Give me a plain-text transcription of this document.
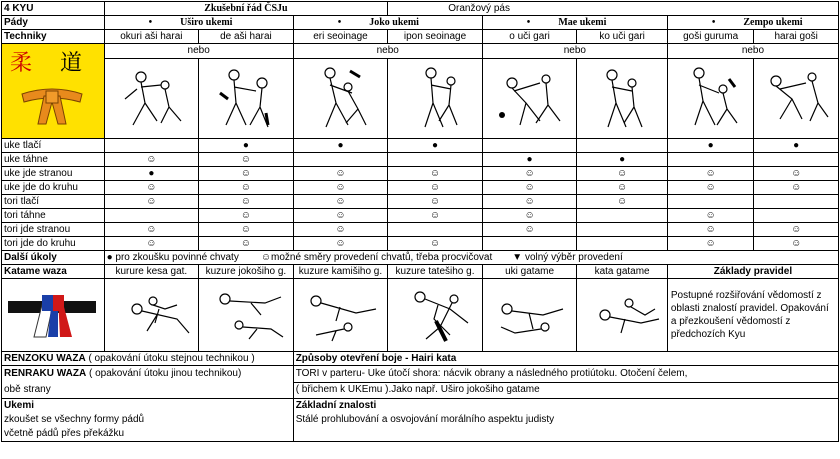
4 KYU	Zkušební řád ČSJu			Oranžový pás				
Pády	• Uširo ukemi		• Joko ukemi		• Mae ukemi		• Zempo ukemi	
Techniky	okuri aši harai	de aši harai	eri seoinage	ipon seoinage	o uči gari	ko uči gari	goši guruma	harai goši

柔 道	nebo		nebo		nebo		nebo	

uke tlačí		●	●	●			●	●
uke táhne	☺	☺			●	●		
uke jde stranou	●	☺	☺	☺	☺	☺	☺	☺
uke jde do kruhu	☺	☺	☺	☺	☺	☺	☺	☺
tori tlačí	☺	☺	☺	☺	☺	☺		
tori táhne		☺	☺	☺	☺		☺	
tori jde stranou	☺	☺	☺		☺		☺	☺
tori jde do kruhu	☺	☺	☺	☺			☺	☺
Další úkoly	● pro zkoušku povinné chvaty ☺možné směry provedení chvatů, třeba procvičovat ▼ volný výběr provedení							
Katame waza	kurure kesa gat.	kuzure jokošiho g.	kuzure kamišiho g.	kuzure tatešiho g.	uki gatame	kata gatame	Základy pravidel	
							Postupné rozšiřování vědomostí z oblasti znalostí pravidel. Opakování a přezkoušení vědomostí z předchozích Kyu	
RENZOKU WAZA ( opakování útoku stejnou technikou )			Způsoby otevření boje - Hairi kata					
RENRAKU WAZA ( opakování útoku jinou technikou)
obě strany			TORI v parteru- Uke útočí shora: nácvik obrany a následného protiútoku. Otočení čelem,					
			( břichem k UKEmu ).Jako např. Uširo jokošiho gatame					
Ukemi
zkoušet se všechny formy pádů
včetně pádů přes překážku			Základní znalosti
Stálé prohlubování a osvojování morálního aspektu judisty					
